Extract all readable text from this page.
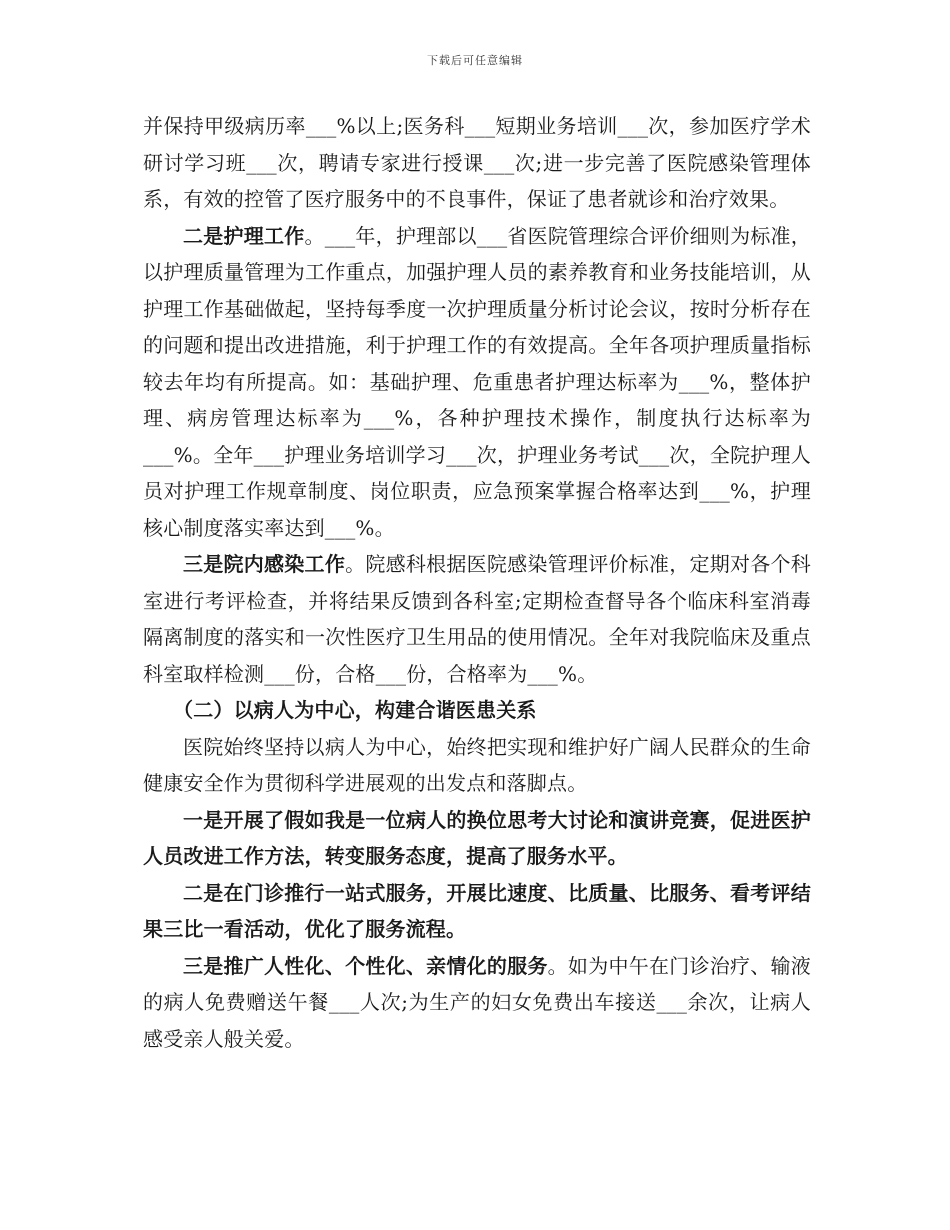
下载后可任意编辑

并保持甲级病历率___%以上;医务科___短期业务培训___次，参加医疗学术研讨学习班___次，聘请专家进行授课___次;进一步完善了医院感染管理体系，有效的控管了医疗服务中的不良事件，保证了患者就诊和治疗效果。

二是护理工作。___年，护理部以___省医院管理综合评价细则为标准，以护理质量管理为工作重点，加强护理人员的素养教育和业务技能培训，从护理工作基础做起，坚持每季度一次护理质量分析讨论会议，按时分析存在的问题和提出改进措施，利于护理工作的有效提高。全年各项护理质量指标较去年均有所提高。如：基础护理、危重患者护理达标率为___%，整体护理、病房管理达标率为___%，各种护理技术操作，制度执行达标率为___%。全年___护理业务培训学习___次，护理业务考试___次，全院护理人员对护理工作规章制度、岗位职责，应急预案掌握合格率达到___%，护理核心制度落实率达到___%。

三是院内感染工作。院感科根据医院感染管理评价标准，定期对各个科室进行考评检查，并将结果反馈到各科室;定期检查督导各个临床科室消毒隔离制度的落实和一次性医疗卫生用品的使用情况。全年对我院临床及重点科室取样检测___份，合格___份，合格率为___%。

（二）以病人为中心，构建合谐医患关系

医院始终坚持以病人为中心，始终把实现和维护好广阔人民群众的生命健康安全作为贯彻科学进展观的出发点和落脚点。

一是开展了假如我是一位病人的换位思考大讨论和演讲竞赛，促进医护人员改进工作方法，转变服务态度，提高了服务水平。

二是在门诊推行一站式服务，开展比速度、比质量、比服务、看考评结果三比一看活动，优化了服务流程。

三是推广人性化、个性化、亲情化的服务。如为中午在门诊治疗、输液的病人免费赠送午餐___人次;为生产的妇女免费出车接送___余次，让病人感受亲人般关爱。
